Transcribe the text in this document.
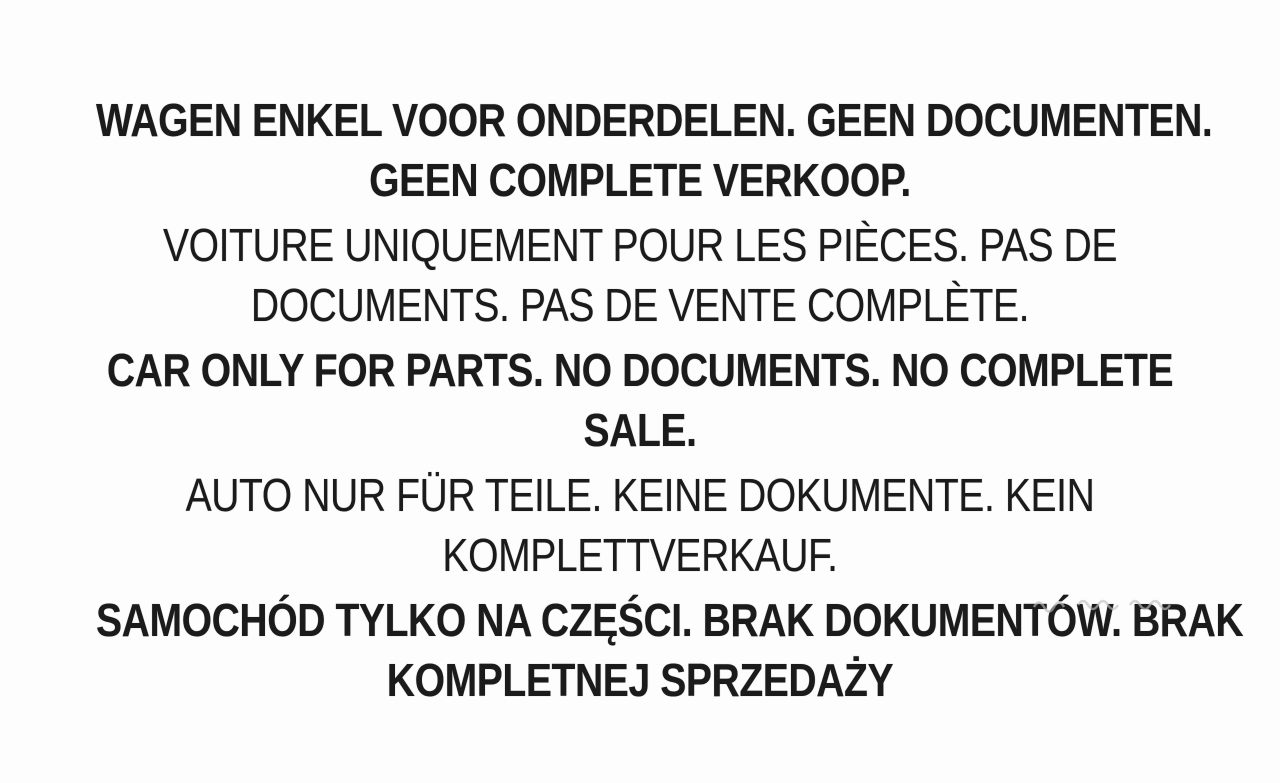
WAGEN ENKEL VOOR ONDERDELEN. GEEN DOCUMENTEN.
GEEN COMPLETE VERKOOP.

VOITURE UNIQUEMENT POUR LES PIÈCES. PAS DE
DOCUMENTS. PAS DE VENTE COMPLÈTE.

CAR ONLY FOR PARTS. NO DOCUMENTS. NO COMPLETE
SALE.

AUTO NUR FÜR TEILE. KEINE DOKUMENTE. KEIN
KOMPLETTVERKAUF.

SAMOCHÓD TYLKO NA CZĘŚCI. BRAK DOKUMENTÓW. BRAK
KOMPLETNEJ SPRZEDAŻY
